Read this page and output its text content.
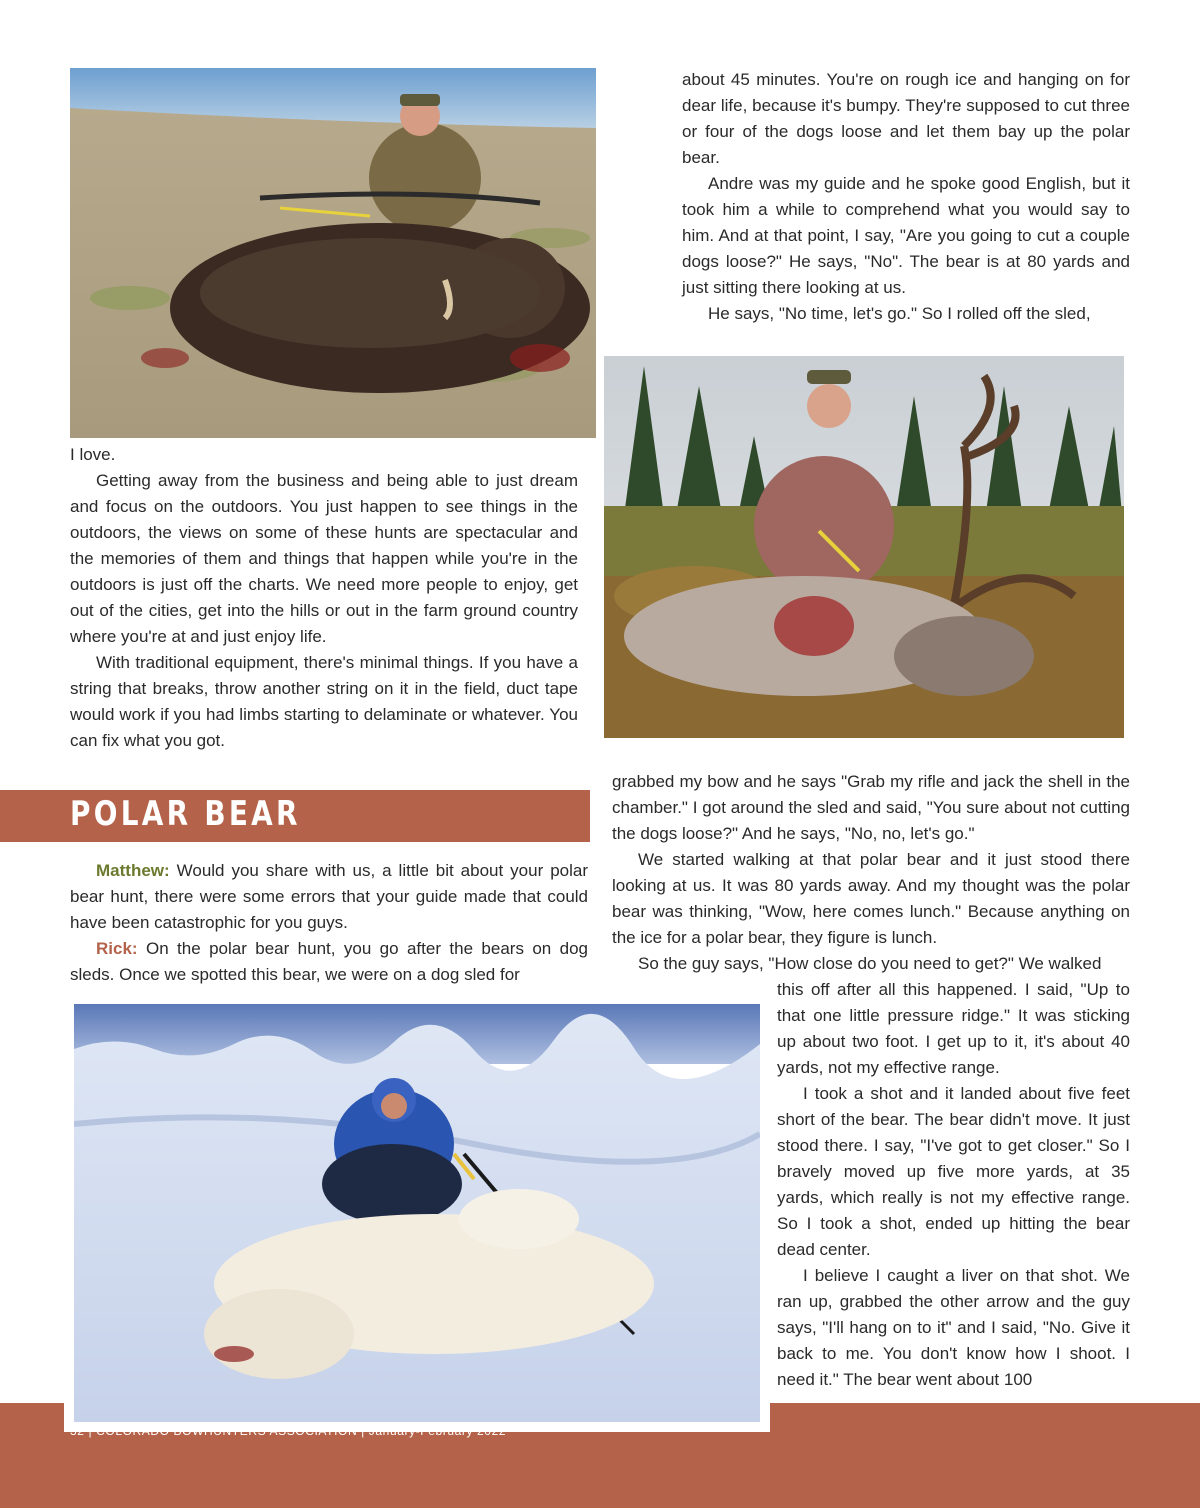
about 45 minutes. You're on rough ice and hanging on for dear life, because it's bumpy. They're supposed to cut three or four of the dogs loose and let them bay up the polar bear.

Andre was my guide and he spoke good English, but it took him a while to comprehend what you would say to him. And at that point, I say, "Are you going to cut a couple dogs loose?" He says, "No". The bear is at 80 yards and just sitting there looking at us.

He says, "No time, let's go." So I rolled off the sled,

I love.

Getting away from the business and being able to just dream and focus on the outdoors. You just happen to see things in the outdoors, the views on some of these hunts are spectacular and the memories of them and things that happen while you're in the outdoors is just off the charts. We need more people to enjoy, get out of the cities, get into the hills or out in the farm ground country where you're at and just enjoy life.

With traditional equipment, there's minimal things. If you have a string that breaks, throw another string on it in the field, duct tape would work if you had limbs starting to delaminate or whatever. You can fix what you got.

POLAR BEAR

Matthew: Would you share with us, a little bit about your polar bear hunt, there were some errors that your guide made that could have been catastrophic for you guys.

Rick: On the polar bear hunt, you go after the bears on dog sleds. Once we spotted this bear, we were on a dog sled for

grabbed my bow and he says "Grab my rifle and jack the shell in the chamber." I got around the sled and said, "You sure about not cutting the dogs loose?" And he says, "No, no, let's go."

We started walking at that polar bear and it just stood there looking at us. It was 80 yards away. And my thought was the polar bear was thinking, "Wow, here comes lunch." Because anything on the ice for a polar bear, they figure is lunch.

So the guy says, "How close do you need to get?" We walked

this off after all this happened. I said, "Up to that one little pressure ridge." It was sticking up about two foot. I get up to it, it's about 40 yards, not my effective range.

I took a shot and it landed about five feet short of the bear. The bear didn't move. It just stood there. I say, "I've got to get closer." So I bravely moved up five more yards, at 35 yards, which really is not my effective range. So I took a shot, ended up hitting the bear dead center.

I believe I caught a liver on that shot. We ran up, grabbed the other arrow and the guy says, "I'll hang on to it" and I said, "No. Give it back to me. You don't know how I shoot. I need it." The bear went about 100
